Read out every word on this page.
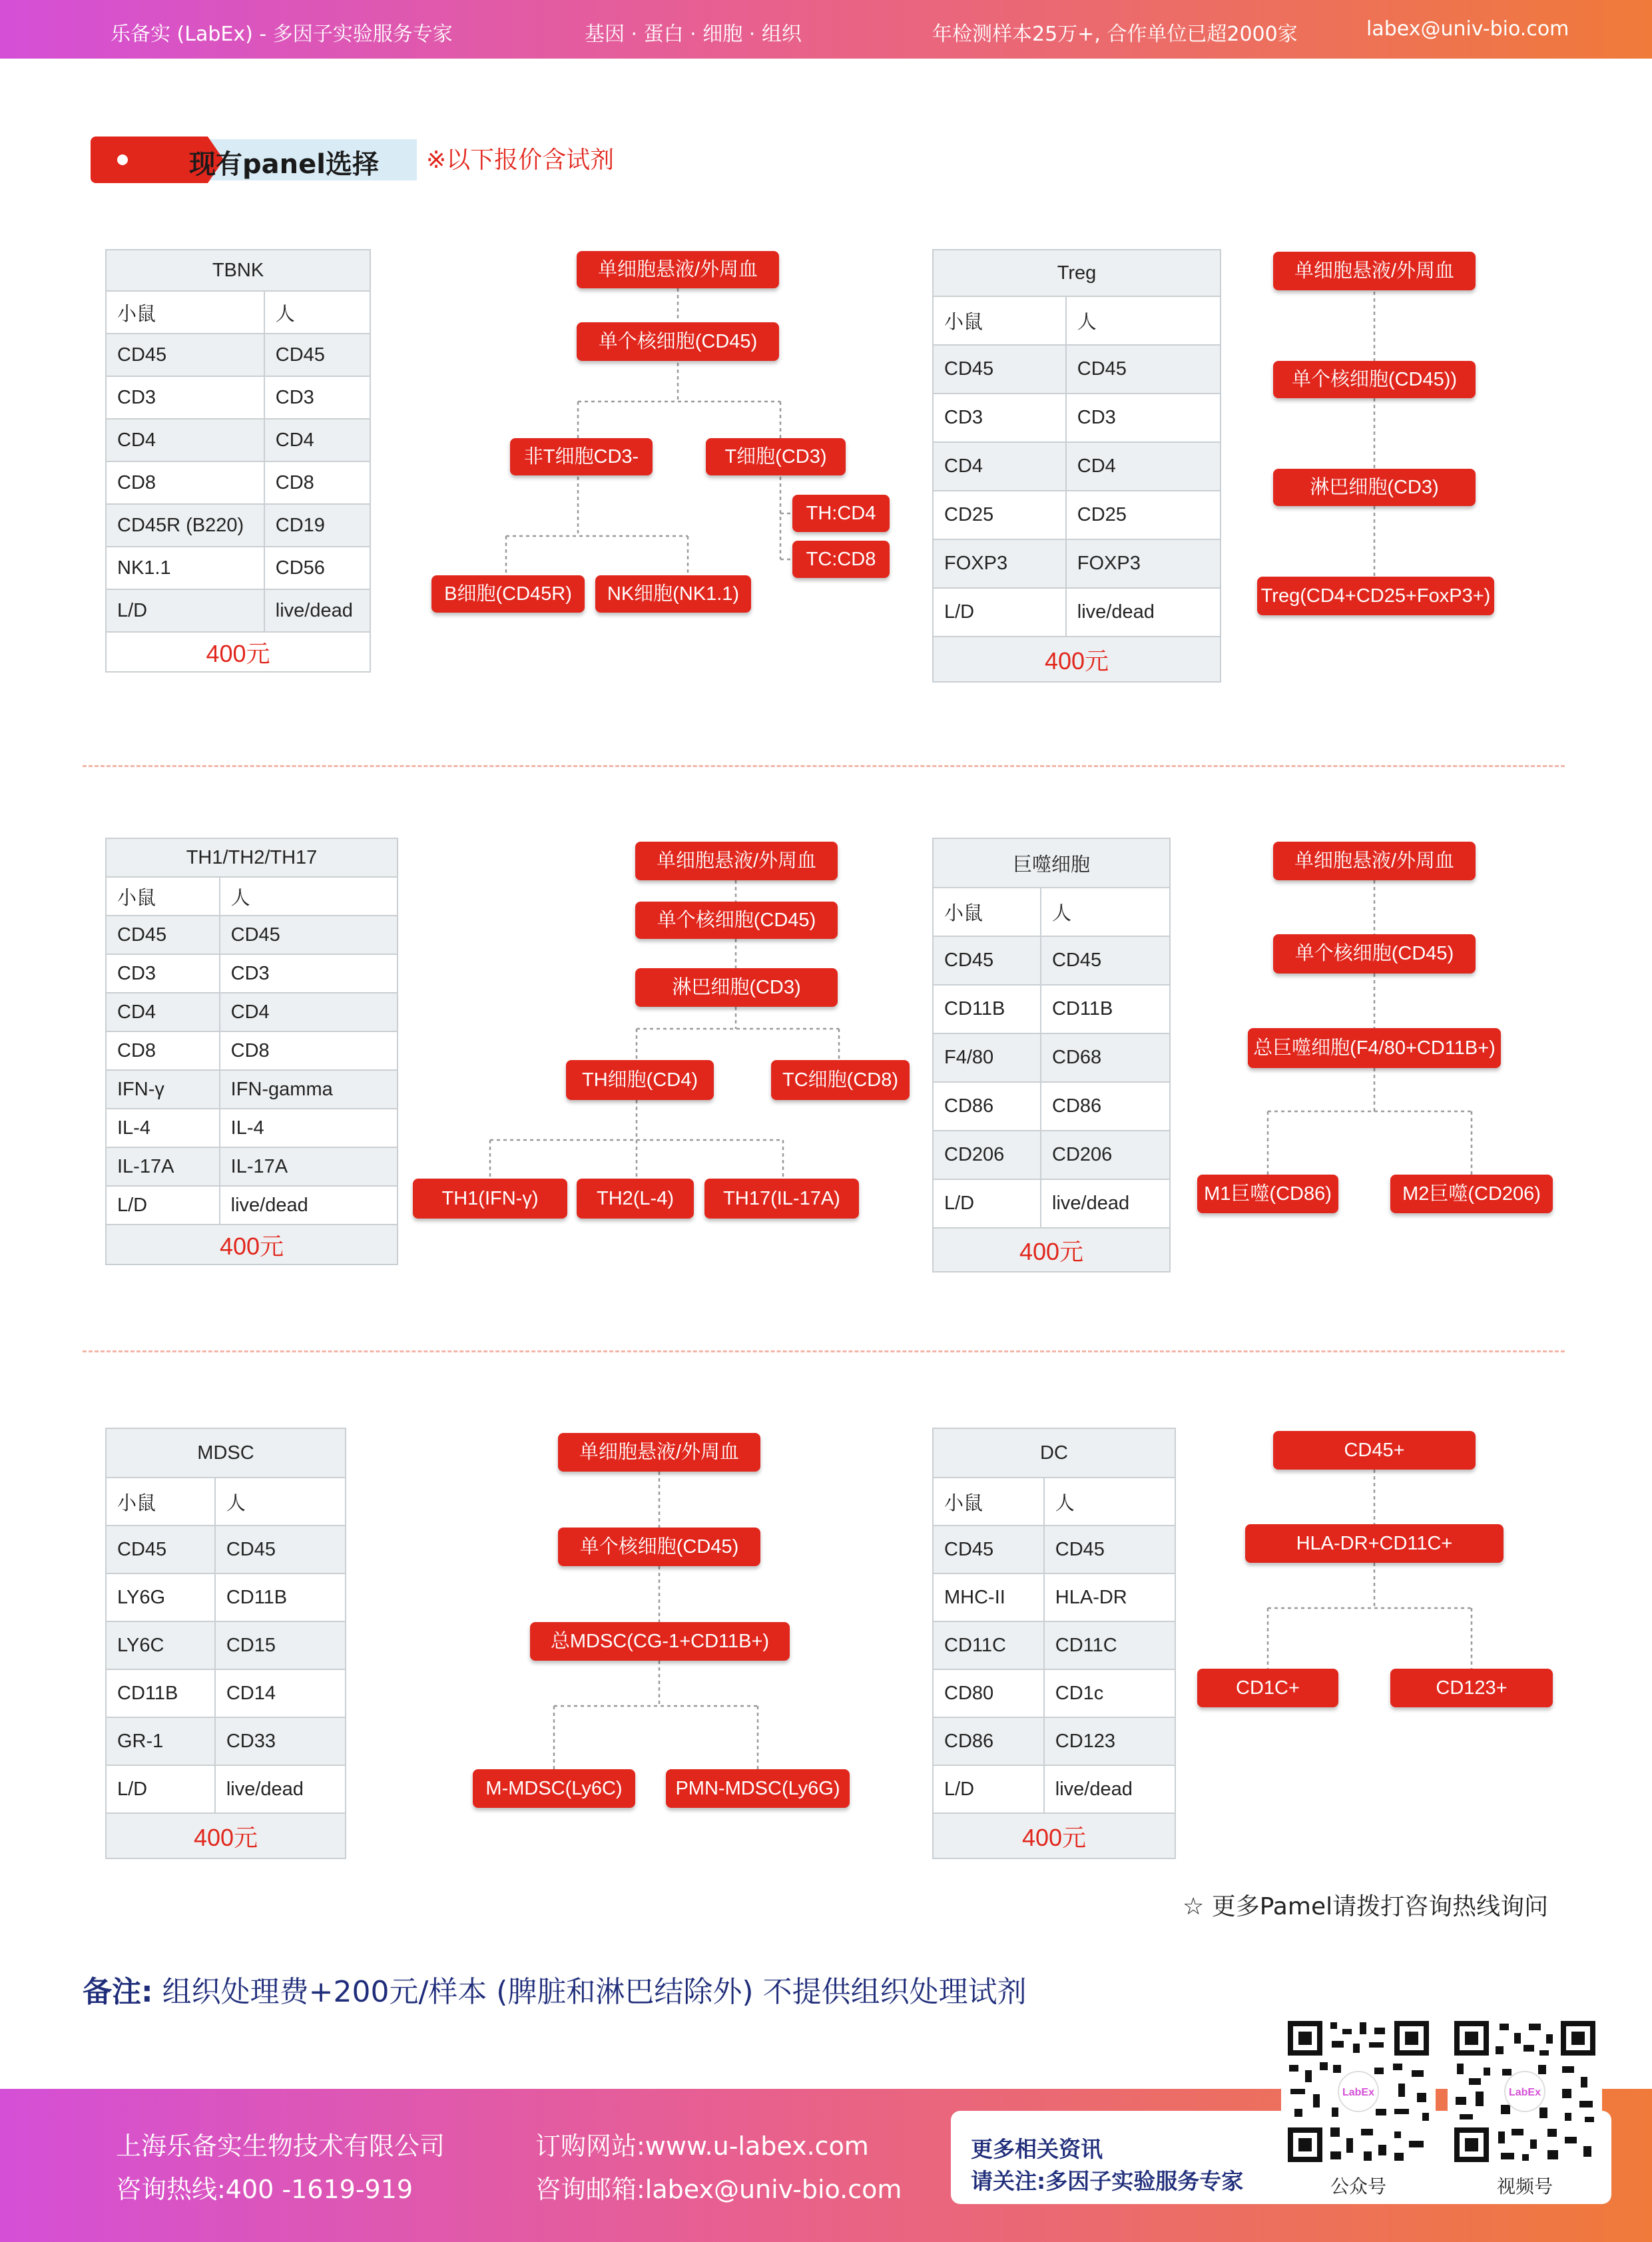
乐备实 (LabEx) - 多因子实验服务专家	基因 · 蛋白 · 细胞 · 组织	年检测样本25万+, 合作单位已超2000家	labex@univ-bio.com
现有panel选择 ※以下报价含试剂
TBNK	
小鼠	人
CD45	CD45
CD3	CD3
CD4	CD4
CD8	CD8
CD45R (B220)	CD19
NK1.1	CD56
L/D	live/dead
400元	
单细胞悬液/外周血
单个核细胞(CD45)
非T细胞CD3-	T细胞(CD3)
TH:CD4
TC:CD8
B细胞(CD45R)	NK细胞(NK1.1)
Treg	
小鼠	人
CD45	CD45
CD3	CD3
CD4	CD4
CD25	CD25
FOXP3	FOXP3
L/D	live/dead
400元	
单细胞悬液/外周血
单个核细胞(CD45))
淋巴细胞(CD3)
Treg(CD4+CD25+FoxP3+)
TH1/TH2/TH17	
小鼠	人
CD45	CD45
CD3	CD3
CD4	CD4
CD8	CD8
IFN-γ	IFN-gamma
IL-4	IL-4
IL-17A	IL-17A
L/D	live/dead
400元	
单细胞悬液/外周血
单个核细胞(CD45)
淋巴细胞(CD3)
TH细胞(CD4)	TC细胞(CD8)
TH1(IFN-γ)	TH2(L-4)	TH17(IL-17A)
巨噬细胞	
小鼠	人
CD45	CD45
CD11B	CD11B
F4/80	CD68
CD86	CD86
CD206	CD206
L/D	live/dead
400元	
单细胞悬液/外周血
单个核细胞(CD45)
总巨噬细胞(F4/80+CD11B+)
M1巨噬(CD86)	M2巨噬(CD206)
MDSC	
小鼠	人
CD45	CD45
LY6G	CD11B
LY6C	CD15
CD11B	CD14
GR-1	CD33
L/D	live/dead
400元	
单细胞悬液/外周血
单个核细胞(CD45)
总MDSC(CG-1+CD11B+)
M-MDSC(Ly6C)	PMN-MDSC(Ly6G)
DC	
小鼠	人
CD45	CD45
MHC-II	HLA-DR
CD11C	CD11C
CD80	CD1c
CD86	CD123
L/D	live/dead
400元	
CD45+
HLA-DR+CD11C+
CD1C+	CD123+
☆ 更多Pamel请拨打咨询热线询问
备注: 组织处理费+200元/样本 (脾脏和淋巴结除外) 不提供组织处理试剂
上海乐备实生物技术有限公司
咨询热线:400 -1619-919
订购网站:www.u-labex.com
咨询邮箱:labex@univ-bio.com
更多相关资讯
请关注:多因子实验服务专家
LabEx
公众号
LabEx
视频号
